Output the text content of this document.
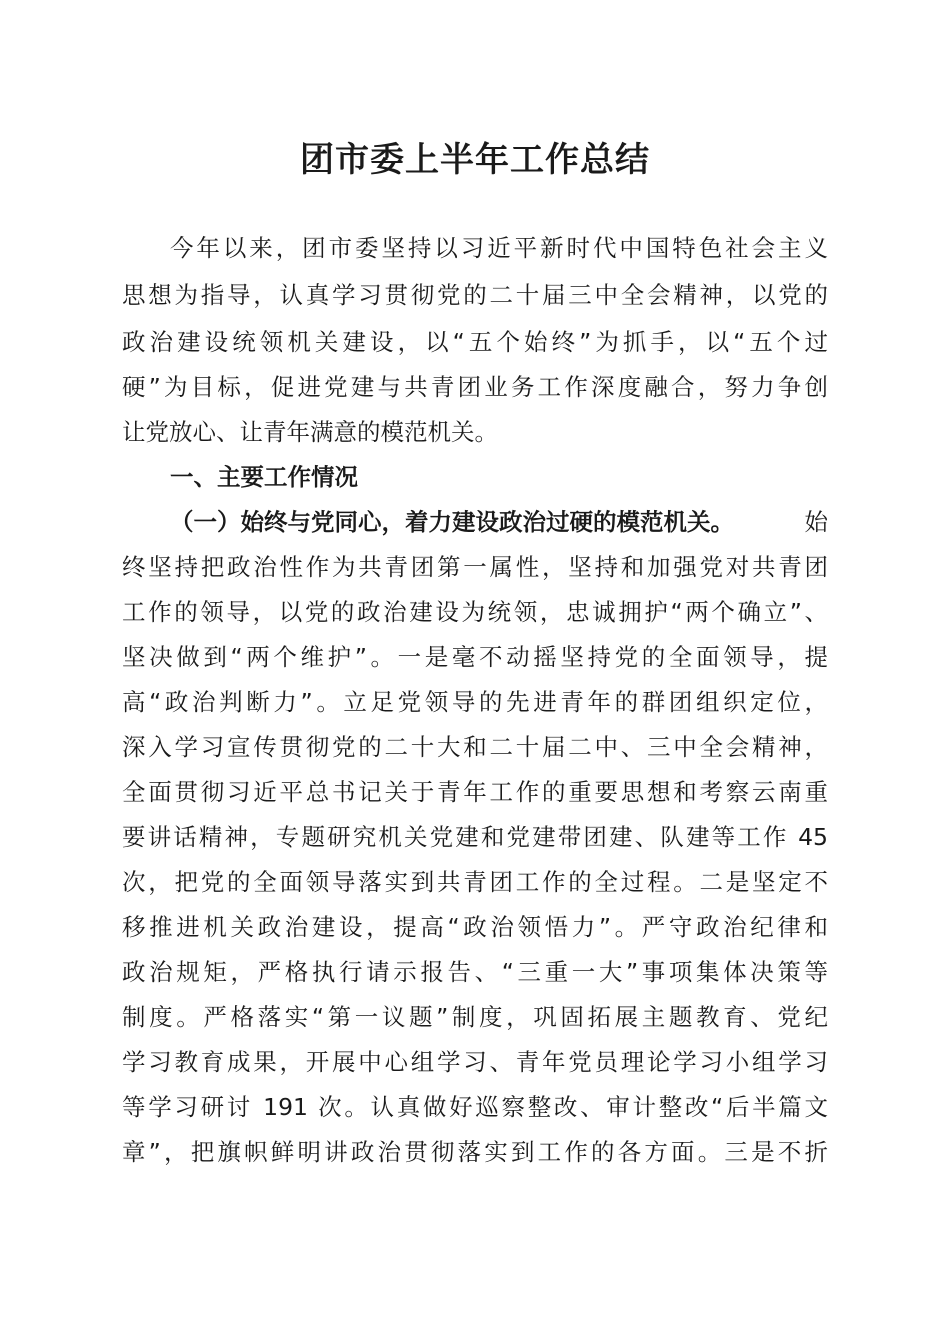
团市委上半年工作总结

今年以来，团市委坚持以习近平新时代中国特色社会主义

思想为指导，认真学习贯彻党的二十届三中全会精神，以党的

政治建设统领机关建设，以“五个始终”为抓手，以“五个过

硬”为目标，促进党建与共青团业务工作深度融合，努力争创

让党放心、让青年满意的模范机关。

一、主要工作情况

（一）始终与党同心，着力建设政治过硬的模范机关。	始

终坚持把政治性作为共青团第一属性，坚持和加强党对共青团

工作的领导，以党的政治建设为统领，忠诚拥护“两个确立”、

坚决做到“两个维护”。一是毫不动摇坚持党的全面领导，提

高“政治判断力”。立足党领导的先进青年的群团组织定位，

深入学习宣传贯彻党的二十大和二十届二中、三中全会精神，

全面贯彻习近平总书记关于青年工作的重要思想和考察云南重

要讲话精神，专题研究机关党建和党建带团建、队建等工作 45

次，把党的全面领导落实到共青团工作的全过程。二是坚定不

移推进机关政治建设，提高“政治领悟力”。严守政治纪律和

政治规矩，严格执行请示报告、“三重一大”事项集体决策等

制度。严格落实“第一议题”制度，巩固拓展主题教育、党纪

学习教育成果，开展中心组学习、青年党员理论学习小组学习

等学习研讨 191 次。认真做好巡察整改、审计整改“后半篇文

章”，把旗帜鲜明讲政治贯彻落实到工作的各方面。三是不折
